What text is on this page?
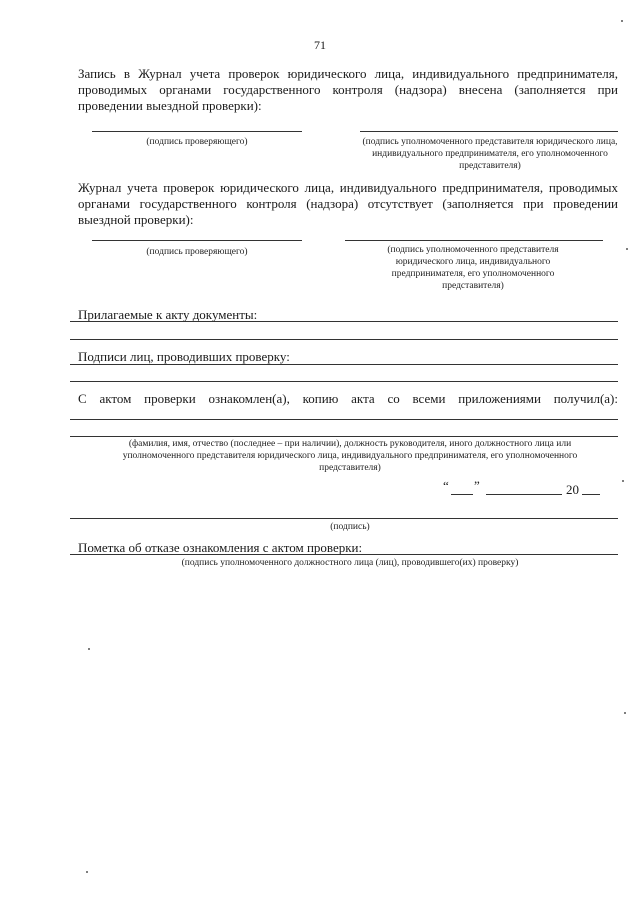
71
Запись в Журнал учета проверок юридического лица, индивидуального предпринимателя, проводимых органами государственного контроля (надзора) внесена (заполняется при проведении выездной проверки):
(подпись проверяющего)	(подпись уполномоченного представителя юридического лица, индивидуального предпринимателя, его уполномоченного представителя)
Журнал учета проверок юридического лица, индивидуального предпринимателя, проводимых органами государственного контроля (надзора) отсутствует (заполняется при проведении выездной проверки):
(подпись проверяющего)	(подпись уполномоченного представителя юридического лица, индивидуального предпринимателя, его уполномоченного представителя)
Прилагаемые к акту документы:
Подписи лиц, проводивших проверку:
С актом проверки ознакомлен(а), копию акта со всеми приложениями получил(а):
(фамилия, имя, отчество (последнее – при наличии), должность руководителя, иного должностного лица или уполномоченного представителя юридического лица, индивидуального предпринимателя, его уполномоченного представителя)
“ ”	20
(подпись)
Пометка об отказе ознакомления с актом проверки:
(подпись уполномоченного должностного лица (лиц), проводившего(их) проверку)
